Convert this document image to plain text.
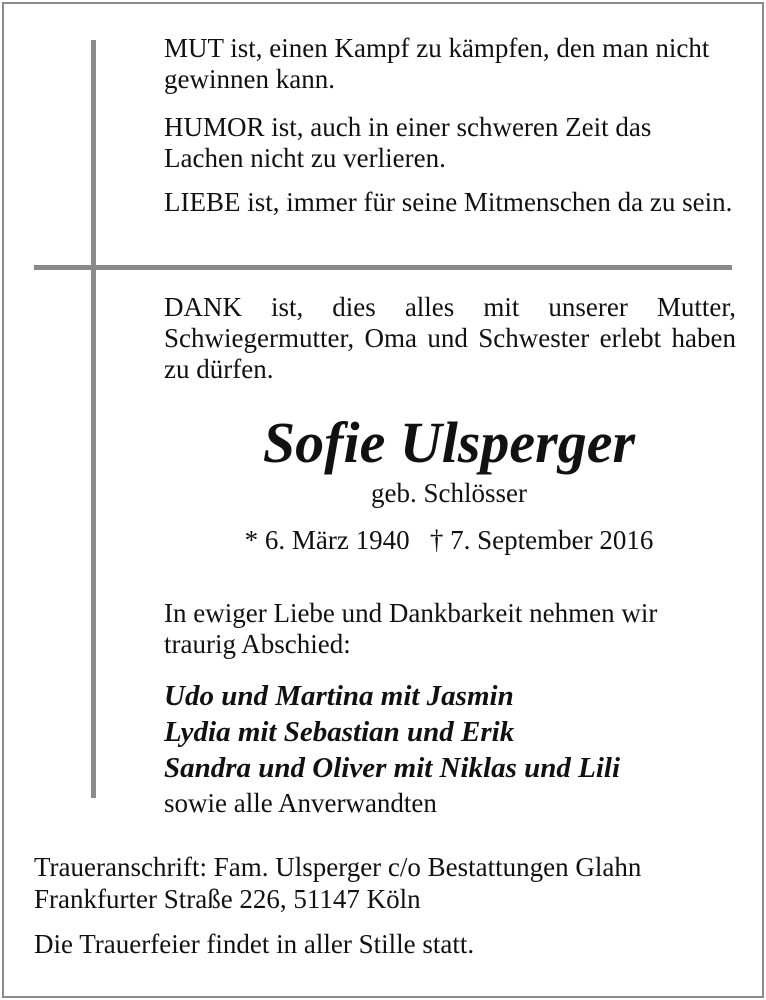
MUT ist, einen Kampf zu kämpfen, den man nicht gewinnen kann.

HUMOR ist, auch in einer schweren Zeit das Lachen nicht zu verlieren.

LIEBE ist, immer für seine Mitmenschen da zu sein.

DANK ist, dies alles mit unserer Mutter, Schwiegermutter, Oma und Schwester erlebt haben zu dürfen.

Sofie Ulsperger

geb. Schlösser

* 6. März 1940   † 7. September 2016

In ewiger Liebe und Dankbarkeit nehmen wir traurig Abschied:

Udo und Martina mit Jasmin
Lydia mit Sebastian und Erik
Sandra und Oliver mit Niklas und Lili

sowie alle Anverwandten

Traueranschrift: Fam. Ulsperger c/o Bestattungen Glahn

Frankfurter Straße 226, 51147 Köln

Die Trauerfeier findet in aller Stille statt.
